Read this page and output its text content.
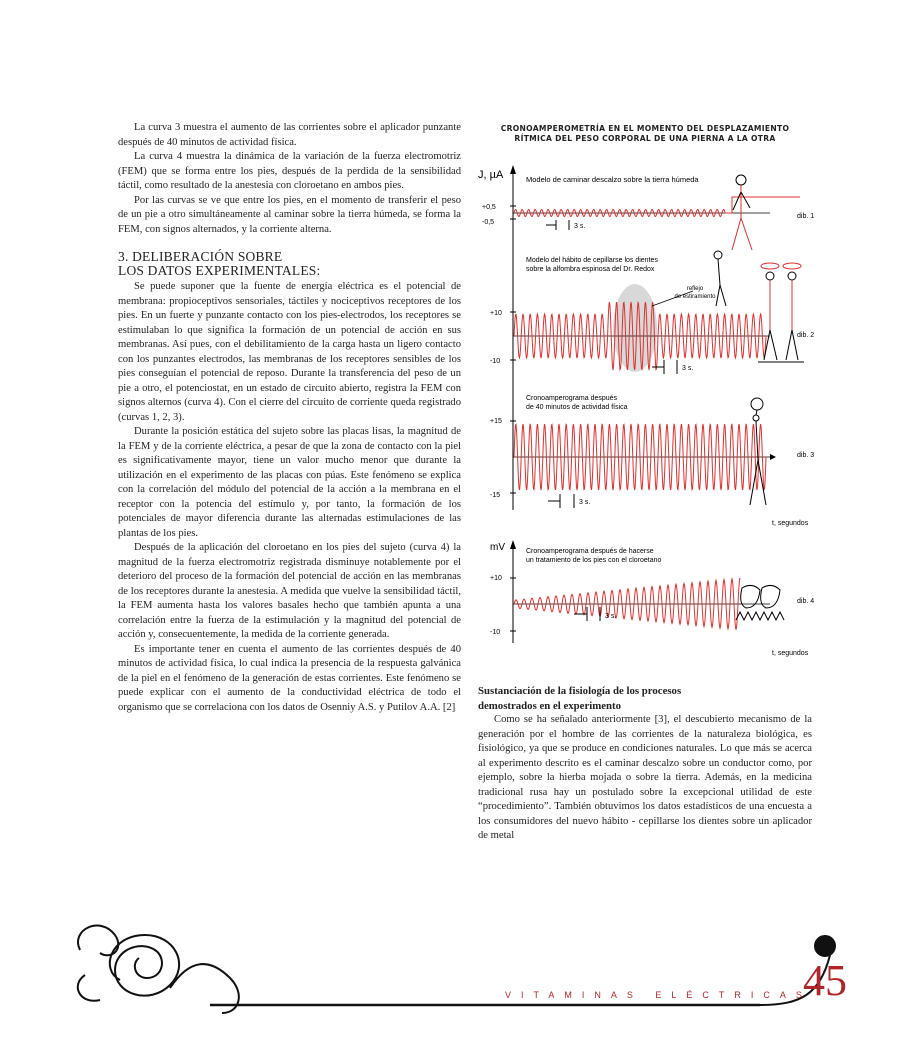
La curva 3 muestra el aumento de las corrientes sobre el aplicador punzante después de 40 minutos de actividad física.

La curva 4 muestra la dinámica de la variación de la fuerza electromotriz (FEM) que se forma entre los pies, después de la perdida de la sensibilidad táctil, como resultado de la anestesia con cloroetano en ambos pies.

Por las curvas se ve que entre los pies, en el momento de transferir el peso de un pie a otro simultáneamente al caminar sobre la tierra húmeda, se forma la FEM, con signos alternados, y la corriente alterna.

3. DELIBERACIÓN SOBRE
LOS DATOS EXPERIMENTALES:

Se puede suponer que la fuente de energía eléctrica es el potencial de membrana: propioceptivos sensoriales, táctiles y nociceptivos receptores de los pies. En un fuerte y punzante contacto con los pies-electrodos, los receptores se estimulaban lo que significa la formación de un potencial de acción en sus membranas. Así pues, con el debilitamiento de la carga hasta un ligero contacto con los punzantes electrodos, las membranas de los receptores sensibles de los pies conseguían el potencial de reposo. Durante la transferencia del peso de un pie a otro, el potenciostat, en un estado de circuito abierto, registra la FEM con signos alternos (curva 4). Con el cierre del circuito de corriente queda registrado (curvas 1, 2, 3).

Durante la posición estática del sujeto sobre las placas lisas, la magnitud de la FEM y de la corriente eléctrica, a pesar de que la zona de contacto con la piel es significativamente mayor, tiene un valor mucho menor que durante la utilización en el experimento de las placas con púas. Este fenómeno se explica con la correlación del módulo del potencial de la acción a la membrana en el receptor con la potencia del estímulo y, por tanto, la formación de los potenciales de mayor diferencia durante las alternadas estimulaciones de las plantas de los pies.

Después de la aplicación del cloroetano en los pies del sujeto (curva 4) la magnitud de la fuerza electromotriz registrada disminuye notablemente por el deterioro del proceso de la formación del potencial de acción en las membranas de los receptores durante la anestesia. A medida que vuelve la sensibilidad táctil, la FEM aumenta hasta los valores basales hecho que también apunta a una correlación entre la fuerza de la estimulación y la magnitud del potencial de acción y, consecuentemente, la medida de la corriente generada.

Es importante tener en cuenta el aumento de las corrientes después de 40 minutos de actividad física, lo cual indica la presencia de la respuesta galvánica de la piel en el fenómeno de la generación de estas corrientes. Este fenómeno se puede explicar con el aumento de la conductividad eléctrica de todo el organismo que se correlaciona con los datos de Osenniy A.S. y Putilov A.A. [2]

CRONOAMPEROMETRÍA EN EL MOMENTO DEL DESPLAZAMIENTO
RÍTMICA DEL PESO CORPORAL DE UNA PIERNA A LA OTRA
J, µA	Modelo de caminar descalzo sobre la tierra húmeda
+0,5
-0,5
dib. 1
3 s.
Modelo del hábito de cepillarse los dientes
sobre la alfombra espinosa del Dr. Redox
+10
-10
dib. 2
reflejo
de estiramiento
3 s.
Cronoamperograma después
de 40 minutos de actividad física
+15
-15
dib. 3
3 s.
t, segundos
mV	Cronoamperograma después de hacerse
un tratamiento de los pies con el cloroetano
+10
-10
dib. 4
3 s.
t, segundos
Sustanciación de la fisiología de los procesos
demostrados en el experimento

Como se ha señalado anteriormente [3], el descubierto mecanismo de la generación por el hombre de las corrientes de la naturaleza biológica, es fisiológico, ya que se produce en condiciones naturales. Lo que más se acerca al experimento descrito es el caminar descalzo sobre un conductor como, por ejemplo, sobre la hierba mojada o sobre la tierra. Además, en la medicina tradicional rusa hay un postulado sobre la excepcional utilidad de este “procedimiento”. También obtuvimos los datos estadísticos de una encuesta a los consumidores del nuevo hábito - cepillarse los dientes sobre un aplicador de metal

VITAMINAS ELÉCTRICAS
45
